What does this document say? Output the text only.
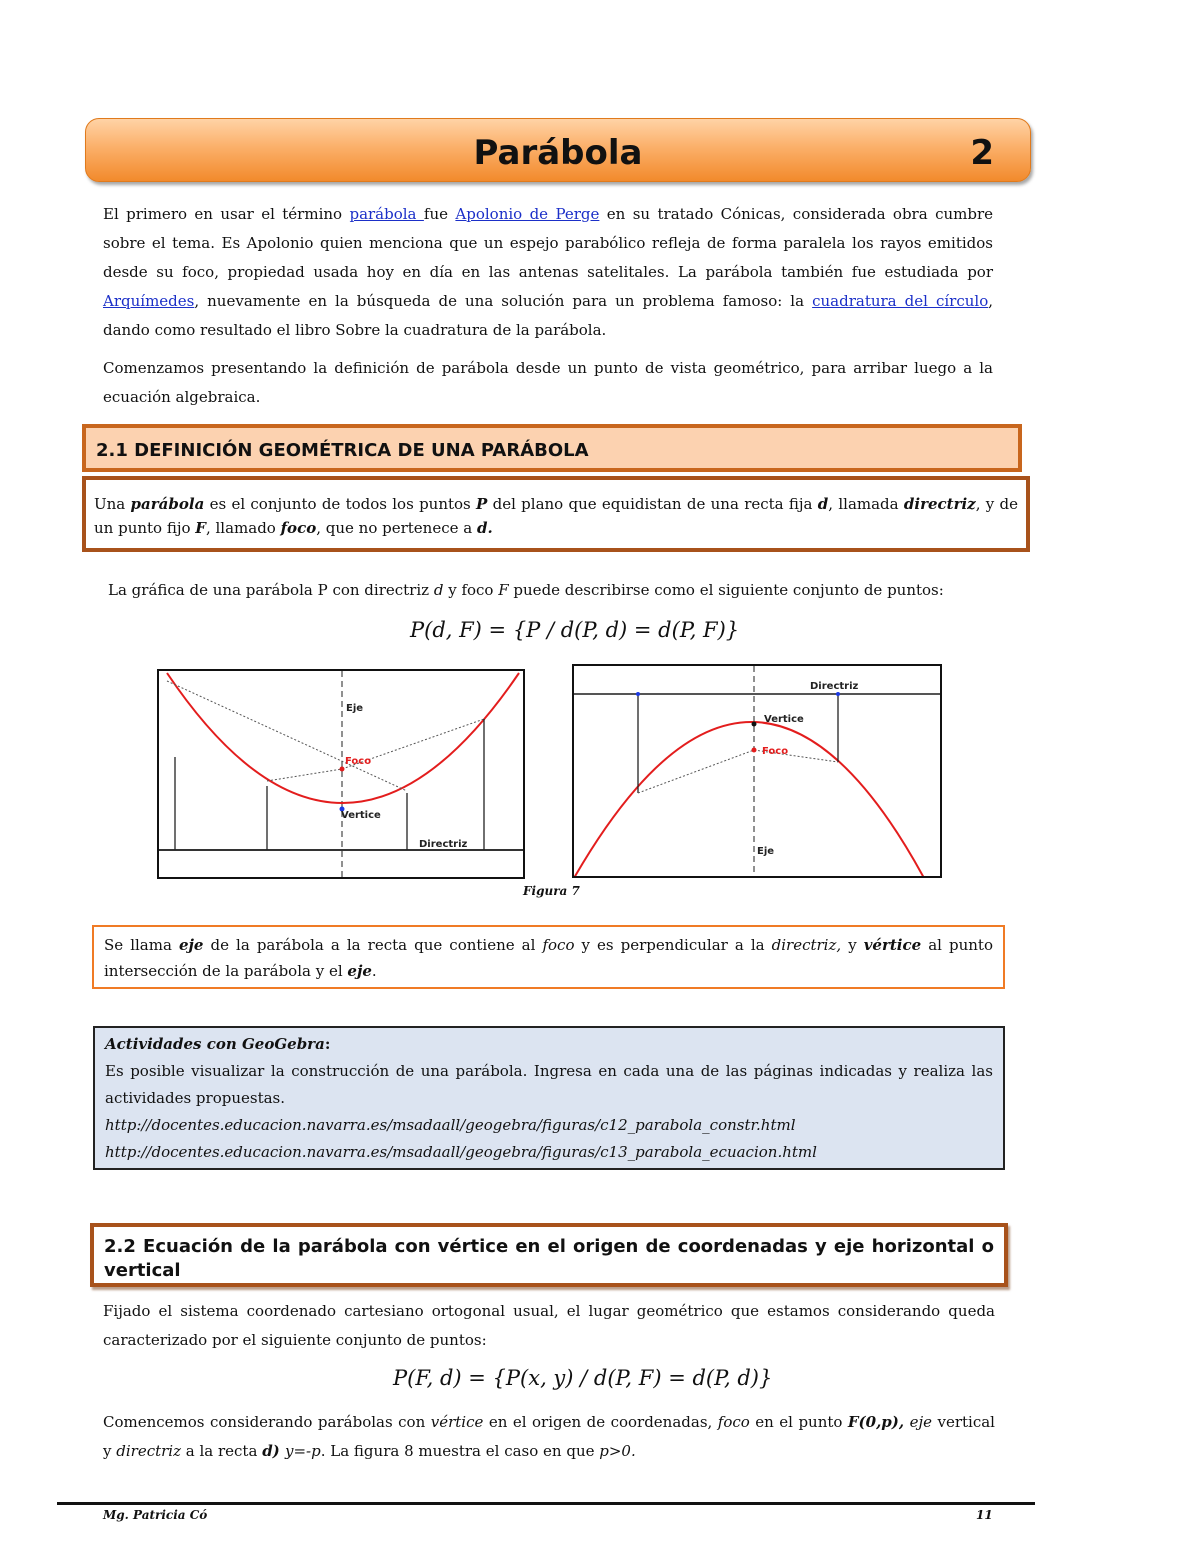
Parábola	2
El primero en usar el término parábola fue Apolonio de Perge en su tratado Cónicas, considerada obra cumbre sobre el tema. Es Apolonio quien menciona que un espejo parabólico refleja de forma paralela los rayos emitidos desde su foco, propiedad usada hoy en día en las antenas satelitales. La parábola también fue estudiada por Arquímedes, nuevamente en la búsqueda de una solución para un problema famoso: la cuadratura del círculo, dando como resultado el libro Sobre la cuadratura de la parábola.
Comenzamos presentando la definición de parábola desde un punto de vista geométrico, para arribar luego a la ecuación algebraica.
2.1 DEFINICIÓN GEOMÉTRICA DE UNA PARÁBOLA
Una parábola es el conjunto de todos los puntos P del plano que equidistan de una recta fija d, llamada directriz, y de un punto fijo F, llamado foco, que no pertenece a d.
La gráfica de una parábola P con directriz d y foco F puede describirse como el siguiente conjunto de puntos:
P(d, F) = {P / d(P, d) = d(P, F)}
Eje
Foco
Vertice
Directriz
Directriz
Vertice
Foco
Eje
Figura 7
Se llama eje de la parábola a la recta que contiene al foco y es perpendicular a la directriz, y vértice al punto intersección de la parábola y el eje.
Actividades con GeoGebra:
Es posible visualizar la construcción de una parábola. Ingresa en cada una de las páginas indicadas y realiza las actividades propuestas.
http://docentes.educacion.navarra.es/msadaall/geogebra/figuras/c12_parabola_constr.html
http://docentes.educacion.navarra.es/msadaall/geogebra/figuras/c13_parabola_ecuacion.html
2.2 Ecuación de la parábola con vértice en el origen de coordenadas y eje horizontal o vertical
Fijado el sistema coordenado cartesiano ortogonal usual, el lugar geométrico que estamos considerando queda caracterizado por el siguiente conjunto de puntos:
P(F, d) = {P(x, y) / d(P, F) = d(P, d)}
Comencemos considerando parábolas con vértice en el origen de coordenadas, foco en el punto F(0,p), eje vertical y directriz a la recta d) y=-p. La figura 8 muestra el caso en que p>0.
Mg. Patricia Có	11
